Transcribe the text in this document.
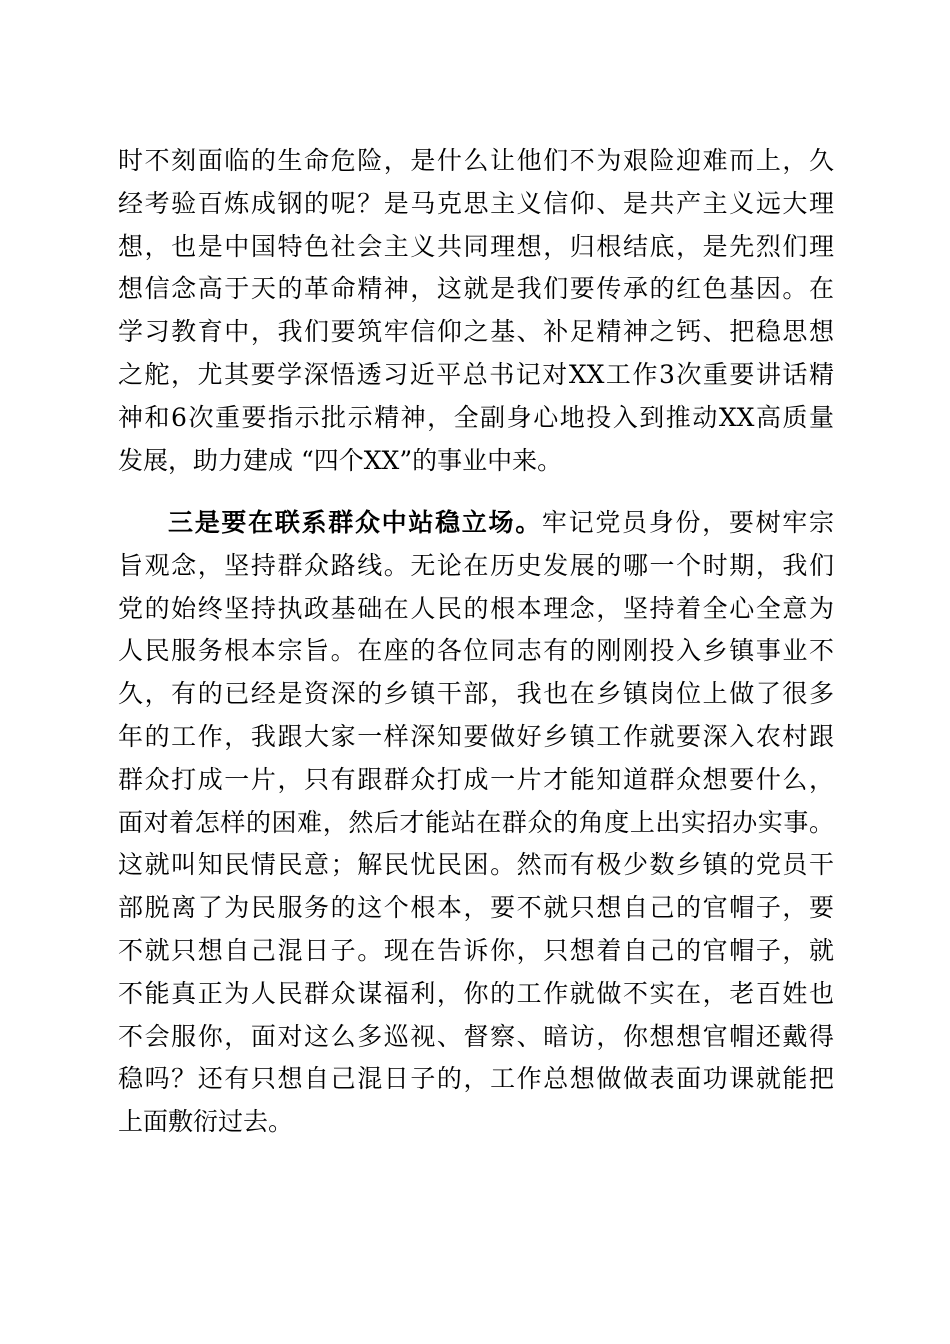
时不刻面临的生命危险，是什么让他们不为艰险迎难而上，久
经考验百炼成钢的呢？是马克思主义信仰、是共产主义远大理
想，也是中国特色社会主义共同理想，归根结底，是先烈们理
想信念高于天的革命精神，这就是我们要传承的红色基因。在
学习教育中，我们要筑牢信仰之基、补足精神之钙、把稳思想
之舵，尤其要学深悟透习近平总书记对XX工作3次重要讲话精
神和6次重要指示批示精神，全副身心地投入到推动XX高质量
发展，助力建成 “四个XX”的事业中来。
三是要在联系群众中站稳立场。牢记党员身份，要树牢宗
旨观念，坚持群众路线。无论在历史发展的哪一个时期，我们
党的始终坚持执政基础在人民的根本理念，坚持着全心全意为
人民服务根本宗旨。在座的各位同志有的刚刚投入乡镇事业不
久，有的已经是资深的乡镇干部，我也在乡镇岗位上做了很多
年的工作，我跟大家一样深知要做好乡镇工作就要深入农村跟
群众打成一片，只有跟群众打成一片才能知道群众想要什么，
面对着怎样的困难，然后才能站在群众的角度上出实招办实事。
这就叫知民情民意；解民忧民困。然而有极少数乡镇的党员干
部脱离了为民服务的这个根本，要不就只想自己的官帽子，要
不就只想自己混日子。现在告诉你，只想着自己的官帽子，就
不能真正为人民群众谋福利，你的工作就做不实在，老百姓也
不会服你，面对这么多巡视、督察、暗访，你想想官帽还戴得
稳吗？还有只想自己混日子的，工作总想做做表面功课就能把
上面敷衍过去。
